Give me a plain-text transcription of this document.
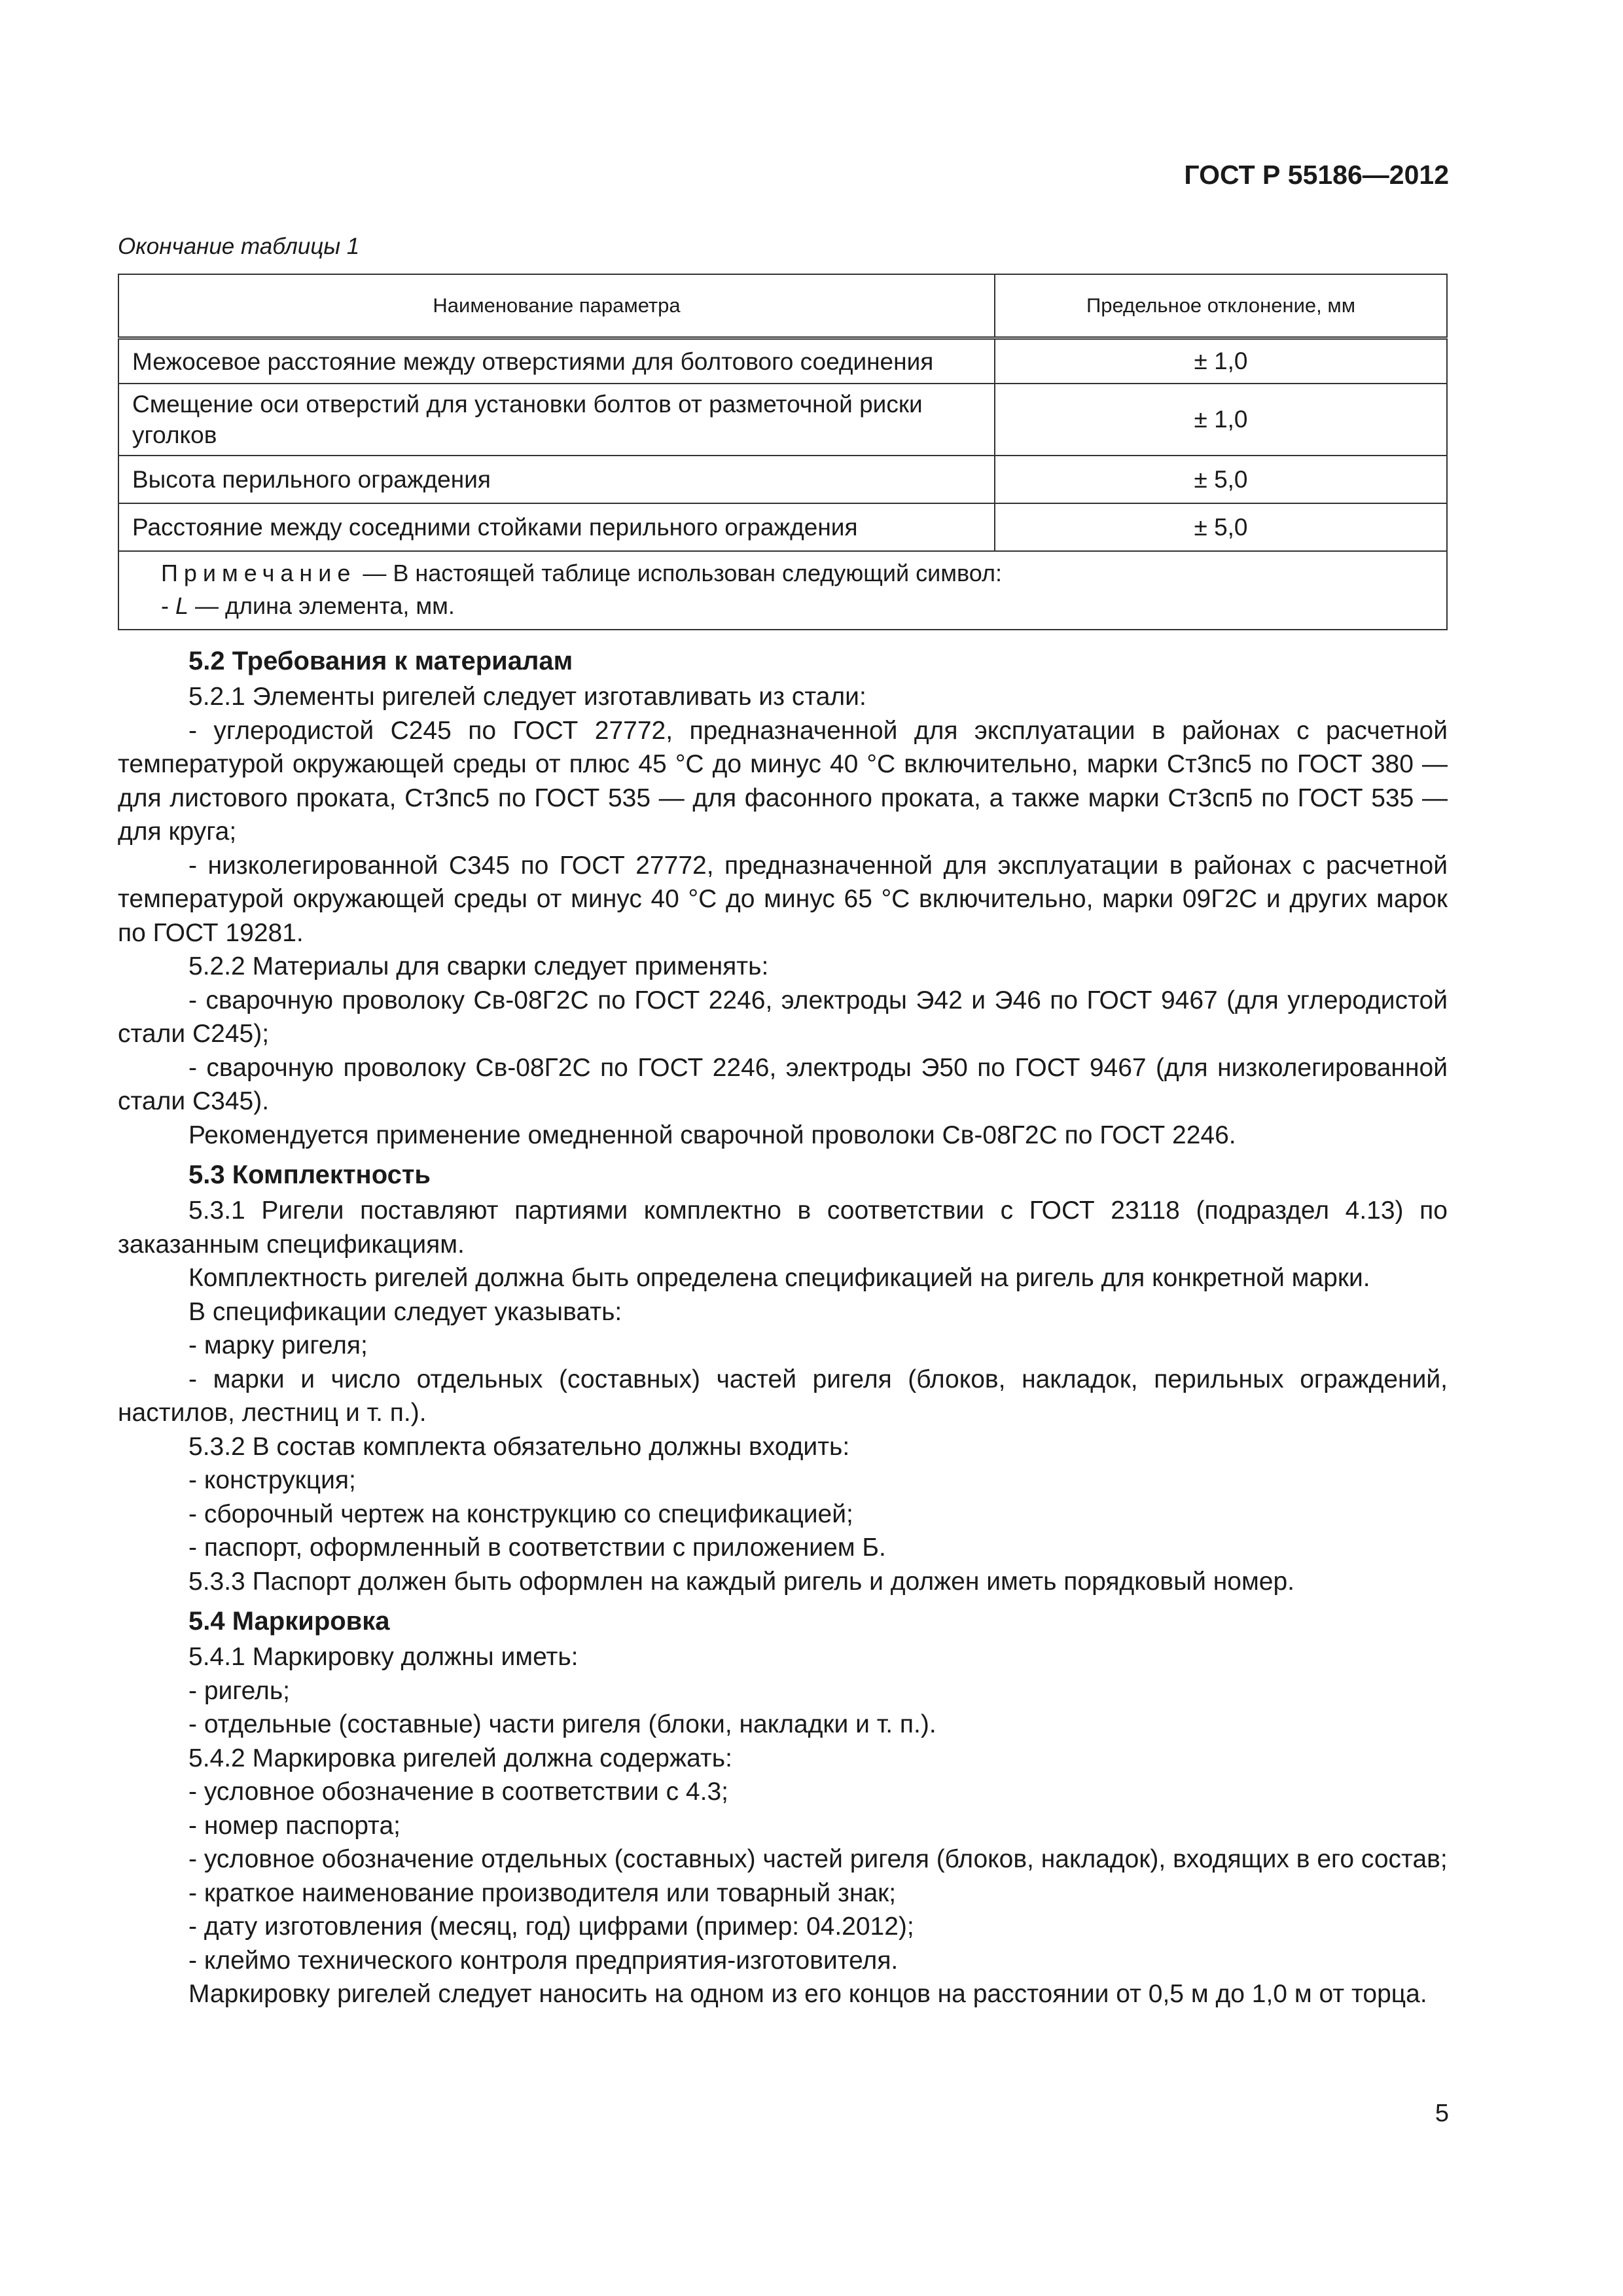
ГОСТ Р 55186—2012
Окончание таблицы 1
Наименование параметра	Предельное отклонение, мм
Межосевое расстояние между отверстиями для болтового соединения	± 1,0
Смещение оси отверстий для установки болтов от разметочной риски уголков	± 1,0
Высота перильного ограждения	± 5,0
Расстояние между соседними стойками перильного ограждения	± 5,0

Примечание — В настоящей таблице использован следующий символ:
- L — длина элемента, мм.	
5.2 Требования к материалам

5.2.1 Элементы ригелей следует изготавливать из стали:

- углеродистой С245 по ГОСТ 27772, предназначенной для эксплуатации в районах с расчетной температурой окружающей среды от плюс 45 °С до минус 40 °С включительно, марки Ст3пс5 по ГОСТ 380 — для листового проката, Ст3пс5 по ГОСТ 535 — для фасонного проката, а также марки Ст3сп5 по ГОСТ 535 — для круга;

- низколегированной С345 по ГОСТ 27772, предназначенной для эксплуатации в районах с расчетной температурой окружающей среды от минус 40 °С до минус 65 °С включительно, марки 09Г2С и других марок по ГОСТ 19281.

5.2.2 Материалы для сварки следует применять:

- сварочную проволоку Св-08Г2С по ГОСТ 2246, электроды Э42 и Э46 по ГОСТ 9467 (для углеродистой стали С245);

- сварочную проволоку Св-08Г2С по ГОСТ 2246, электроды Э50 по ГОСТ 9467 (для низколегированной стали С345).

Рекомендуется применение омедненной сварочной проволоки Св-08Г2С по ГОСТ 2246.

5.3 Комплектность

5.3.1 Ригели поставляют партиями комплектно в соответствии с ГОСТ 23118 (подраздел 4.13) по заказанным спецификациям.

Комплектность ригелей должна быть определена спецификацией на ригель для конкретной марки.

В спецификации следует указывать:

- марку ригеля;

- марки и число отдельных (составных) частей ригеля (блоков, накладок, перильных ограждений, настилов, лестниц и т. п.).

5.3.2 В состав комплекта обязательно должны входить:

- конструкция;

- сборочный чертеж на конструкцию со спецификацией;

- паспорт, оформленный в соответствии с приложением Б.

5.3.3 Паспорт должен быть оформлен на каждый ригель и должен иметь порядковый номер.

5.4 Маркировка

5.4.1 Маркировку должны иметь:

- ригель;

- отдельные (составные) части ригеля (блоки, накладки и т. п.).

5.4.2 Маркировка ригелей должна содержать:

- условное обозначение в соответствии с 4.3;

- номер паспорта;

- условное обозначение отдельных (составных) частей ригеля (блоков, накладок), входящих в его состав;

- краткое наименование производителя или товарный знак;

- дату изготовления (месяц, год) цифрами (пример: 04.2012);

- клеймо технического контроля предприятия-изготовителя.

Маркировку ригелей следует наносить на одном из его концов на расстоянии от 0,5 м до 1,0 м от торца.

5
